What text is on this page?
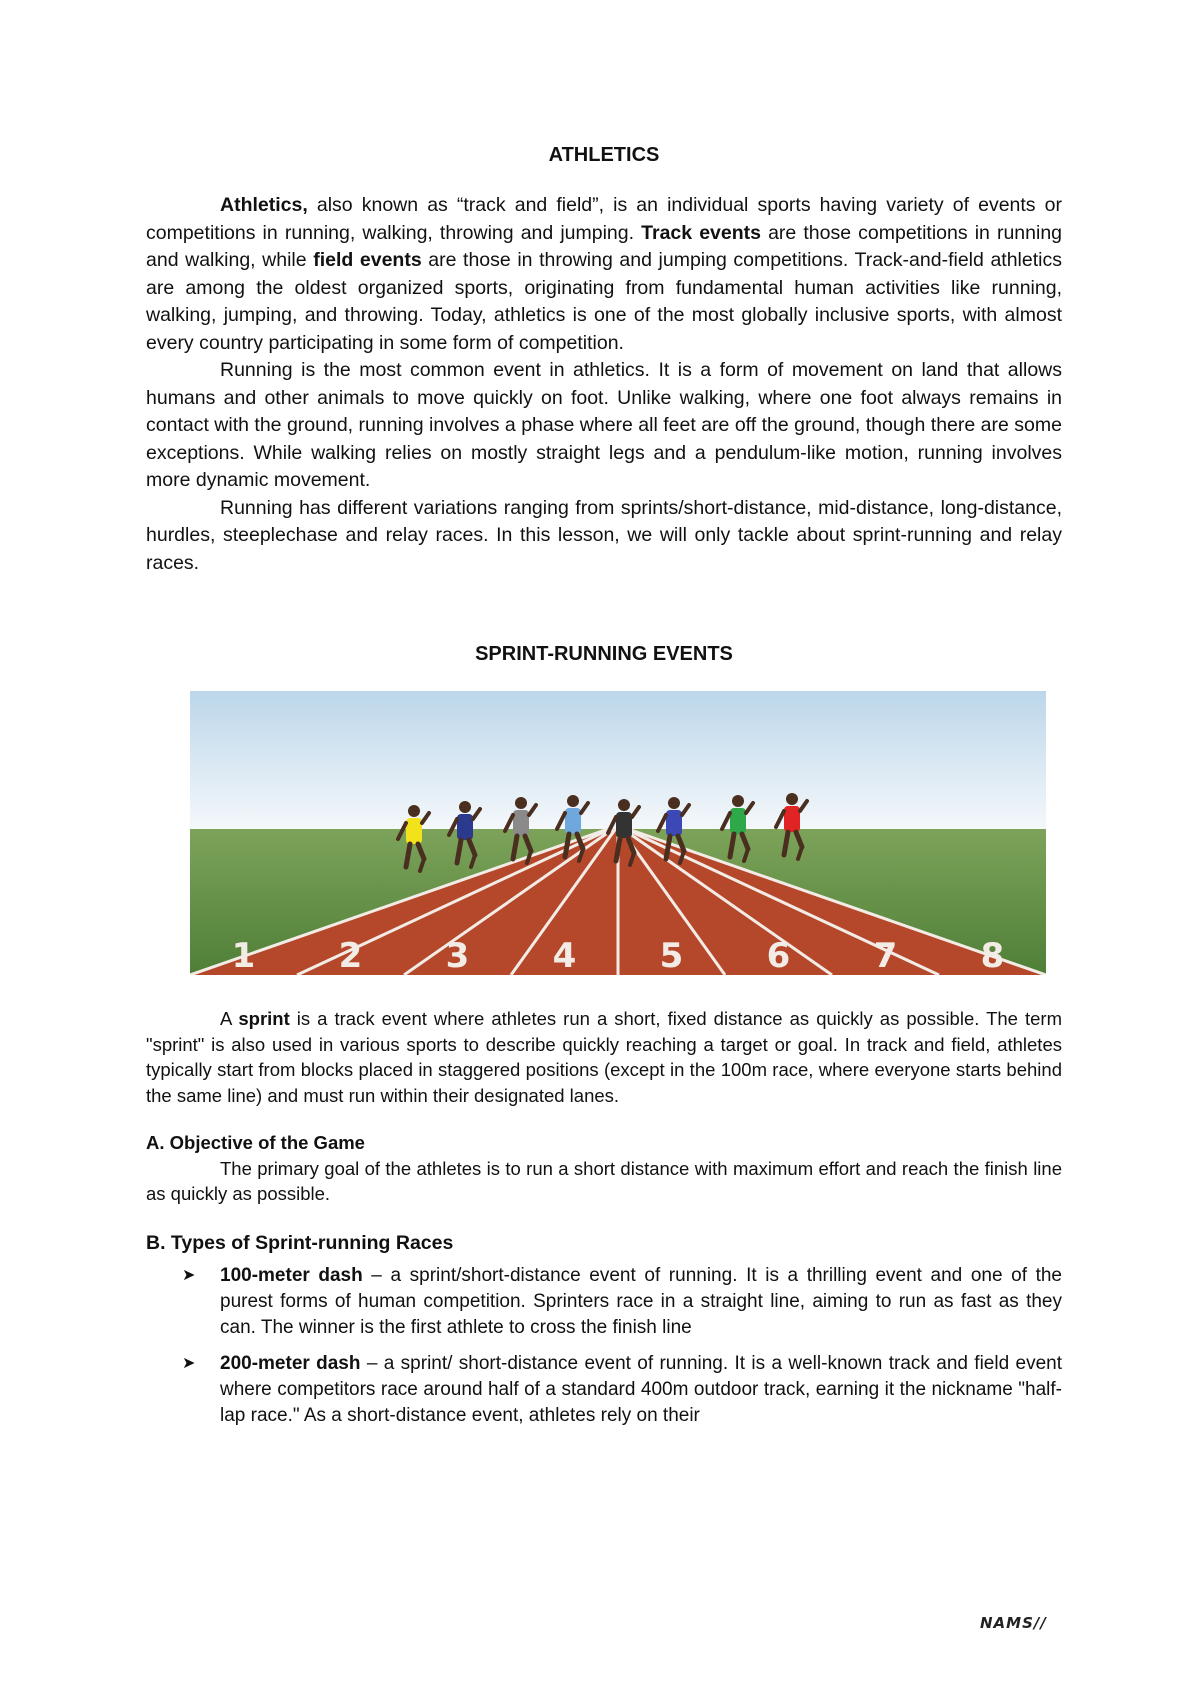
ATHLETICS

Athletics, also known as “track and field”, is an individual sports having variety of events or competitions in running, walking, throwing and jumping. Track events are those competitions in running and walking, while field events are those in throwing and jumping competitions. Track-and-field athletics are among the oldest organized sports, originating from fundamental human activities like running, walking, jumping, and throwing. Today, athletics is one of the most globally inclusive sports, with almost every country participating in some form of competition.

Running is the most common event in athletics. It is a form of movement on land that allows humans and other animals to move quickly on foot. Unlike walking, where one foot always remains in contact with the ground, running involves a phase where all feet are off the ground, though there are some exceptions. While walking relies on mostly straight legs and a pendulum-like motion, running involves more dynamic movement.

Running has different variations ranging from sprints/short-distance, mid-distance, long-distance, hurdles, steeplechase and relay races. In this lesson, we will only tackle about sprint-running and relay races.

SPRINT-RUNNING EVENTS
1 2 3 4 5 6 7 8

A sprint is a track event where athletes run a short, fixed distance as quickly as possible. The term "sprint" is also used in various sports to describe quickly reaching a target or goal. In track and field, athletes typically start from blocks placed in staggered positions (except in the 100m race, where everyone starts behind the same line) and must run within their designated lanes.

A. Objective of the Game

The primary goal of the athletes is to run a short distance with maximum effort and reach the finish line as quickly as possible.

B. Types of Sprint-running Races

➤ 100-meter dash – a sprint/short-distance event of running. It is a thrilling event and one of the purest forms of human competition. Sprinters race in a straight line, aiming to run as fast as they can. The winner is the first athlete to cross the finish line
➤ 200-meter dash – a sprint/ short-distance event of running. It is a well-known track and field event where competitors race around half of a standard 400m outdoor track, earning it the nickname "half-lap race." As a short-distance event, athletes rely on their
NAMS//
